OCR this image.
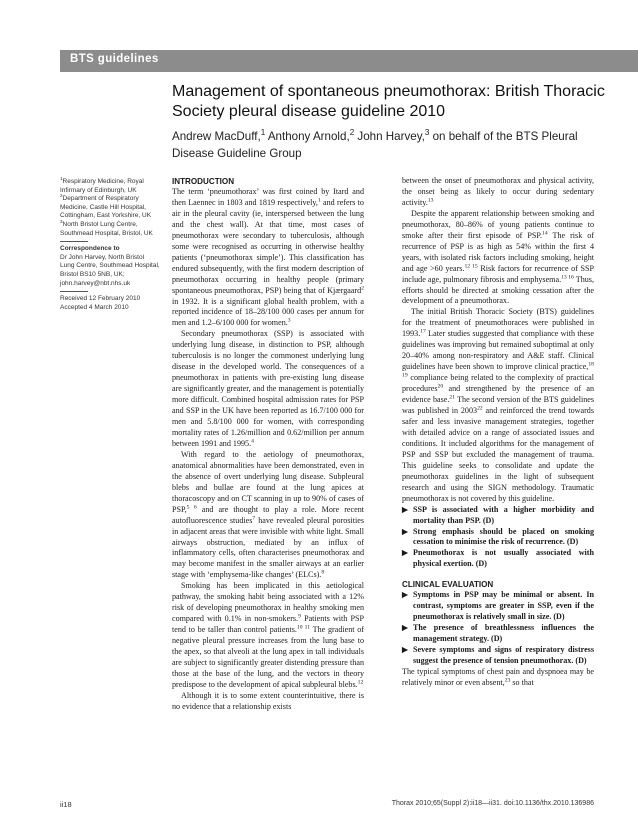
BTS guidelines
Management of spontaneous pneumothorax: British Thoracic Society pleural disease guideline 2010
Andrew MacDuff,$^1$ Anthony Arnold,$^2$ John Harvey,$^3$ on behalf of the BTS Pleural Disease Guideline Group

$^1$Respiratory Medicine, Royal Infirmary of Edinburgh, UK

$^2$Department of Respiratory Medicine, Castle Hill Hospital, Cottingham, East Yorkshire, UK

$^3$North Bristol Lung Centre, Southmead Hospital, Bristol, UK

Correspondence to

Dr John Harvey, North Bristol Lung Centre, Southmead Hospital, Bristol BS10 5NB, UK; john.harvey@nbt.nhs.uk

Received 12 February 2010

Accepted 4 March 2010

INTRODUCTION

The term ‘pneumothorax’ was first coined by Itard and then Laennec in 1803 and 1819 respectively,$^1$ and refers to air in the pleural cavity (ie, interspersed between the lung and the chest wall). At that time, most cases of pneumothorax were secondary to tuberculosis, although some were recognised as occurring in otherwise healthy patients (‘pneumothorax simple’). This classification has endured subsequently, with the first modern description of pneumothorax occurring in healthy people (primary spontaneous pneumothorax, PSP) being that of Kjærgaard$^2$ in 1932. It is a significant global health problem, with a reported incidence of 18–28/100 000 cases per annum for men and 1.2–6/100 000 for women.$^3$

Secondary pneumothorax (SSP) is associated with underlying lung disease, in distinction to PSP, although tuberculosis is no longer the commonest underlying lung disease in the developed world. The consequences of a pneumothorax in patients with pre-existing lung disease are significantly greater, and the management is potentially more difficult. Combined hospital admission rates for PSP and SSP in the UK have been reported as 16.7/100 000 for men and 5.8/100 000 for women, with corresponding mortality rates of 1.26/million and 0.62/million per annum between 1991 and 1995.$^4$

With regard to the aetiology of pneumothorax, anatomical abnormalities have been demonstrated, even in the absence of overt underlying lung disease. Subpleural blebs and bullae are found at the lung apices at thoracoscopy and on CT scanning in up to 90% of cases of PSP,$^{5 6}$ and are thought to play a role. More recent autofluorescence studies$^7$ have revealed pleural porosities in adjacent areas that were invisible with white light. Small airways obstruction, mediated by an influx of inflammatory cells, often characterises pneumothorax and may become manifest in the smaller airways at an earlier stage with ‘emphysema-like changes’ (ELCs).$^8$

Smoking has been implicated in this aetiological pathway, the smoking habit being associated with a 12% risk of developing pneumothorax in healthy smoking men compared with 0.1% in non-smokers.$^9$ Patients with PSP tend to be taller than control patients.$^{10 11}$ The gradient of negative pleural pressure increases from the lung base to the apex, so that alveoli at the lung apex in tall individuals are subject to significantly greater distending pressure than those at the base of the lung, and the vectors in theory predispose to the development of apical subpleural blebs.$^{12}$

Although it is to some extent counterintuitive, there is no evidence that a relationship exists

between the onset of pneumothorax and physical activity, the onset being as likely to occur during sedentary activity.$^{13}$

Despite the apparent relationship between smoking and pneumothorax, 80–86% of young patients continue to smoke after their first episode of PSP.$^{14}$ The risk of recurrence of PSP is as high as 54% within the first 4 years, with isolated risk factors including smoking, height and age >60 years.$^{12 15}$ Risk factors for recurrence of SSP include age, pulmonary fibrosis and emphysema.$^{13 16}$ Thus, efforts should be directed at smoking cessation after the development of a pneumothorax.

The initial British Thoracic Society (BTS) guidelines for the treatment of pneumothoraces were published in 1993.17 Later studies suggested that compliance with these guidelines was improving but remained suboptimal at only 20–40% among non-respiratory and A&E staff. Clinical guidelines have been shown to improve clinical practice,$^{18 19}$ compliance being related to the complexity of practical procedures$^{20}$ and strengthened by the presence of an evidence base.$^{21}$ The second version of the BTS guidelines was published in 2003$^{22}$ and reinforced the trend towards safer and less invasive management strategies, together with detailed advice on a range of associated issues and conditions. It included algorithms for the management of PSP and SSP but excluded the management of trauma. This guideline seeks to consolidate and update the pneumothorax guidelines in the light of subsequent research and using the SIGN methodology. Traumatic pneumothorax is not covered by this guideline.

▶ SSP is associated with a higher morbidity and mortality than PSP. (D)
▶ Strong emphasis should be placed on smoking cessation to minimise the risk of recurrence. (D)
▶ Pneumothorax is not usually associated with physical exertion. (D)
CLINICAL EVALUATION
▶ Symptoms in PSP may be minimal or absent. In contrast, symptoms are greater in SSP, even if the pneumothorax is relatively small in size. (D)
▶ The presence of breathlessness influences the management strategy. (D)
▶ Severe symptoms and signs of respiratory distress suggest the presence of tension pneumothorax. (D)

The typical symptoms of chest pain and dyspnoea may be relatively minor or even absent,$^{23}$ so that

ii18	Thorax 2010;65(Suppl 2):ii18—ii31. doi:10.1136/thx.2010.136986
